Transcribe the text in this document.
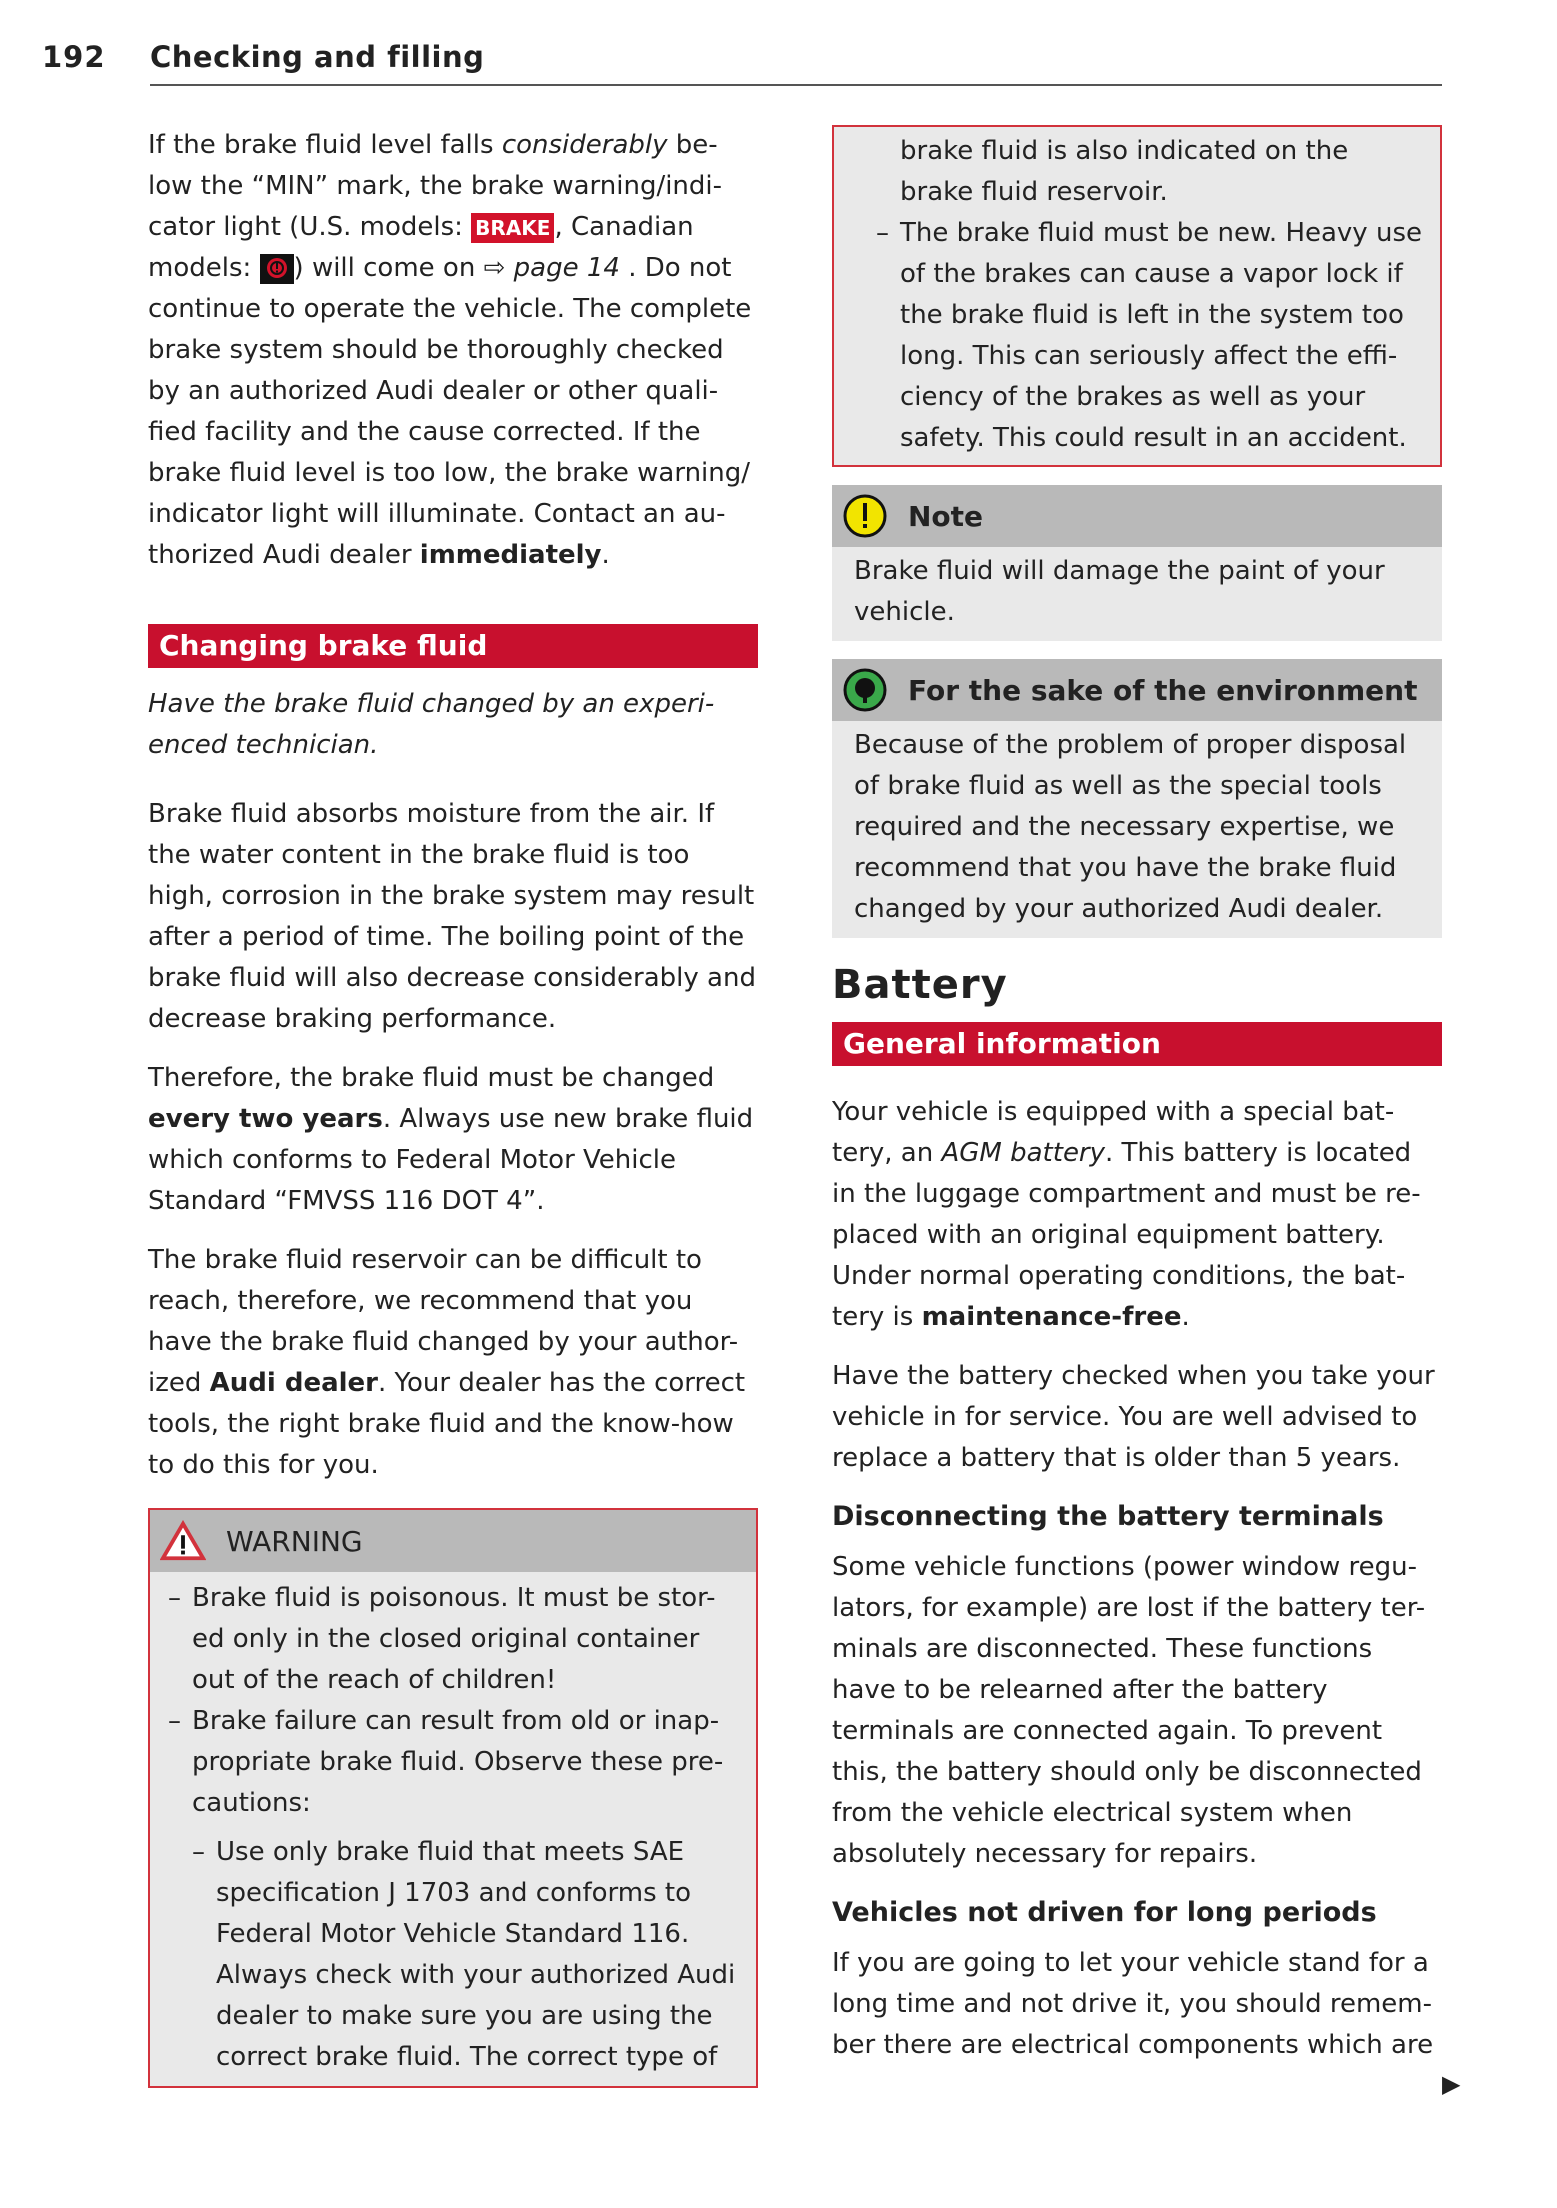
192 Checking and filling

If the brake fluid level falls considerably be-low the “MIN” mark, the brake warning/indi-cator light (U.S. models: BRAKE , Canadian models: ) will come on ⇨ page 14 . Do not continue to operate the vehicle. The complete brake system should be thoroughly checked by an authorized Audi dealer or other quali-fied facility and the cause corrected. If the brake fluid level is too low, the brake warning/ indicator light will illuminate. Contact an au-thorized Audi dealer immediately.

Changing brake fluid

Have the brake fluid changed by an experi-enced technician.

Brake fluid absorbs moisture from the air. If the water content in the brake fluid is too high, corrosion in the brake system may result after a period of time. The boiling point of the brake fluid will also decrease considerably and decrease braking performance.

Therefore, the brake fluid must be changed every two years. Always use new brake fluid which conforms to Federal Motor Vehicle Standard “FMVSS 116 DOT 4”.

The brake fluid reservoir can be difficult to reach, therefore, we recommend that you have the brake fluid changed by your author-ized Audi dealer. Your dealer has the correct tools, the right brake fluid and the know-how to do this for you.

WARNING
– Brake fluid is poisonous. It must be stor-ed only in the closed original container out of the reach of children!
– Brake failure can result from old or inap-propriate brake fluid. Observe these pre-cautions:
– Use only brake fluid that meets SAE specification J 1703 and conforms to Federal Motor Vehicle Standard 116. Always check with your authorized Audi dealer to make sure you are using the correct brake fluid. The correct type of
brake fluid is also indicated on the brake fluid reservoir.
– The brake fluid must be new. Heavy use of the brakes can cause a vapor lock if the brake fluid is left in the system too long. This can seriously affect the effi-ciency of the brakes as well as your safety. This could result in an accident.
Note

Brake fluid will damage the paint of your vehicle.

For the sake of the environment

Because of the problem of proper disposal of brake fluid as well as the special tools required and the necessary expertise, we recommend that you have the brake fluid changed by your authorized Audi dealer.

Battery
General information

Your vehicle is equipped with a special bat-tery, an AGM battery. This battery is located in the luggage compartment and must be re-placed with an original equipment battery. Under normal operating conditions, the bat-tery is maintenance-free.

Have the battery checked when you take your vehicle in for service. You are well advised to replace a battery that is older than 5 years.

Disconnecting the battery terminals

Some vehicle functions (power window regu-lators, for example) are lost if the battery ter-minals are disconnected. These functions have to be relearned after the battery terminals are connected again. To prevent this, the battery should only be disconnected from the vehicle electrical system when absolutely necessary for repairs.

Vehicles not driven for long periods

If you are going to let your vehicle stand for a long time and not drive it, you should remem-ber there are electrical components which are

▶
